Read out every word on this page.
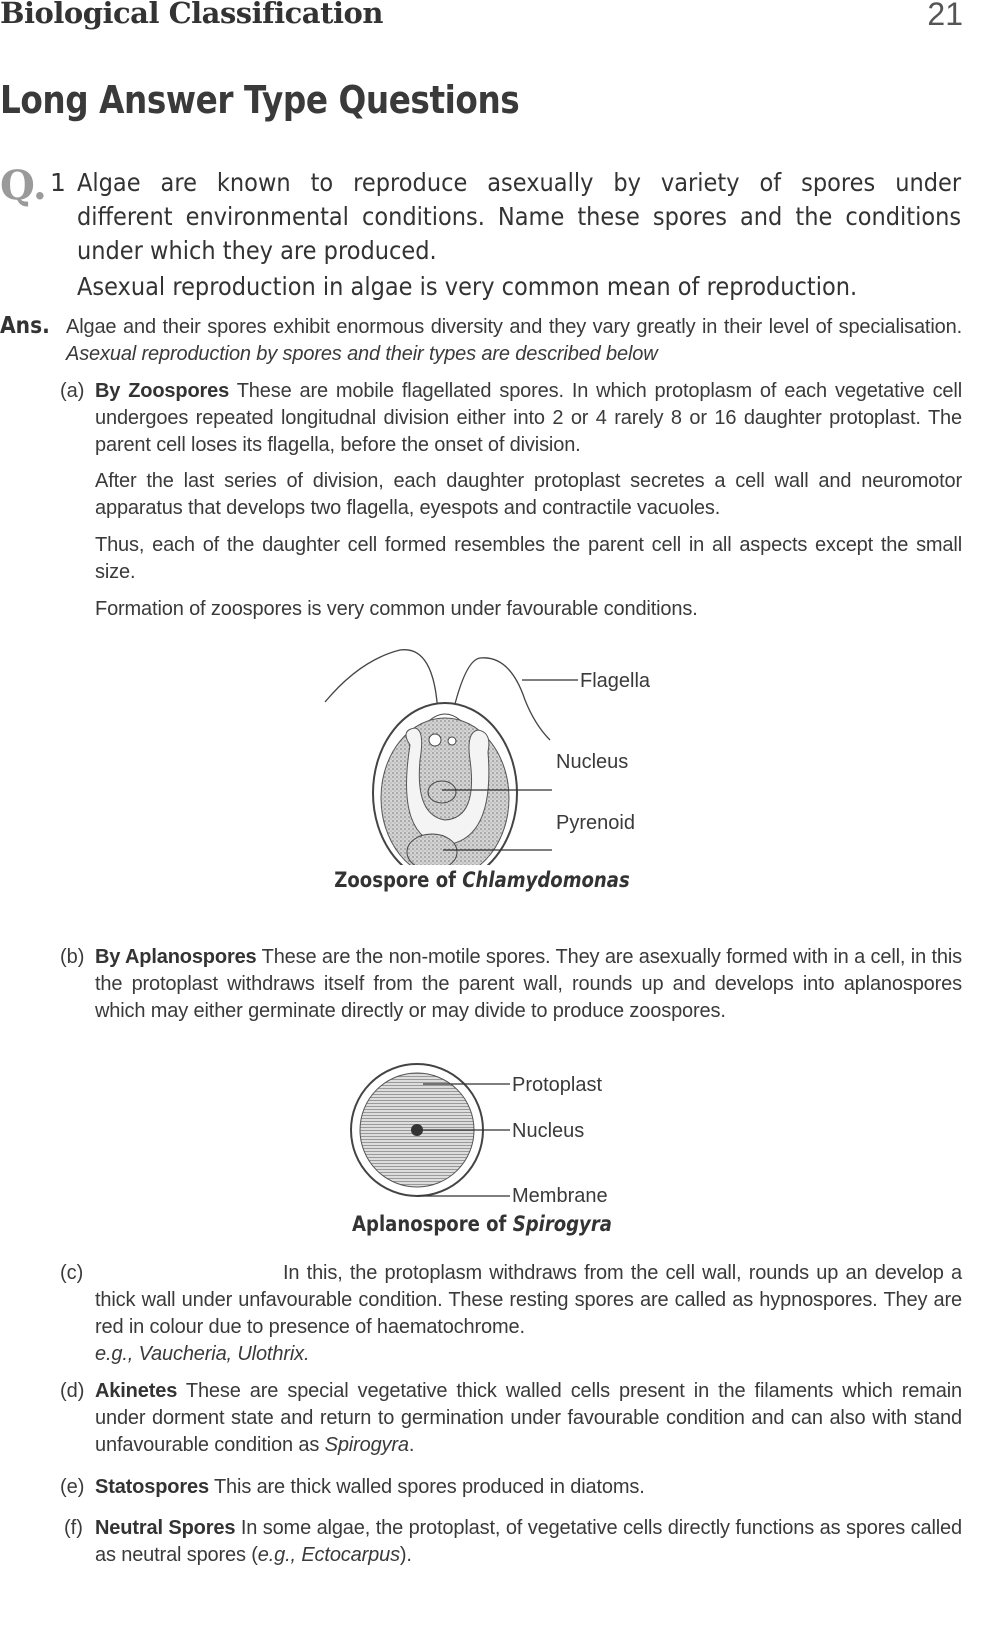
Biological Classification	21
Long Answer Type Questions
Q. 1 Algae are known to reproduce asexually by variety of spores under
different environmental conditions. Name these spores and the conditions
under which they are produced.
Asexual reproduction in algae is very common mean of reproduction.
Ans. Algae and their spores exhibit enormous diversity and they vary greatly in their level of specialisation. Asexual reproduction by spores and their types are described below
(a) By Zoospores These are mobile flagellated spores. In which protoplasm of each vegetative cell undergoes repeated longitudnal division either into 2 or 4 rarely 8 or 16 daughter protoplast. The parent cell loses its flagella, before the onset of division.
After the last series of division, each daughter protoplast secretes a cell wall and neuromotor apparatus that develops two flagella, eyespots and contractile vacuoles.
Thus, each of the daughter cell formed resembles the parent cell in all aspects except the small size.
Formation of zoospores is very common under favourable conditions.
Flagella
Nucleus
Pyrenoid
Zoospore of Chlamydomonas
(b) By Aplanospores These are the non-motile spores. They are asexually formed with in a cell, in this the protoplast withdraws itself from the parent wall, rounds up and develops into aplanospores which may either germinate directly or may divide to produce zoospores.
Protoplast
Nucleus
Membrane
Aplanospore of Spirogyra
(c)	In this, the protoplasm withdraws from the cell wall, rounds up an develop a thick wall under unfavourable condition. These resting spores are called as hypnospores. They are red in colour due to presence of haematochrome.
e.g., Vaucheria, Ulothrix.
(d) Akinetes These are special vegetative thick walled cells present in the filaments which remain under dorment state and return to germination under favourable condition and can also with stand unfavourable condition as Spirogyra.
(e) Statospores This are thick walled spores produced in diatoms.
(f) Neutral Spores In some algae, the protoplast, of vegetative cells directly functions as spores called as neutral spores (e.g., Ectocarpus).
